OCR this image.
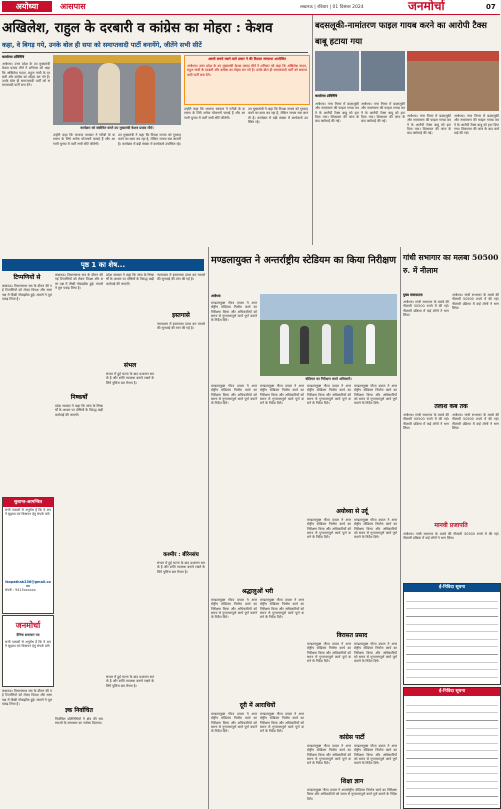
अयोध्या	आसपास	लखनऊ | रविवार | 01 दिसंबर 2024	जनमोर्चा	07
अखिलेश, राहुल के दरबारी व कांग्रेस का मोहरा : केशव
कहा, वे बिगड़ गये, उनके बोल ही सपा को समाप्तवादी पार्टी बनायेंगे, जीतेंगे सभी सीटें
कार्यालय प्रतिनिधि
अयोध्या। उत्तर प्रदेश के उप मुख्यमंत्री केशव प्रसाद मौर्य ने शनिवार को कहा कि अखिलेश यादव, राहुल गांधी के दरबारी और कांग्रेस का मोहरा बन गये हैं। उनके बोल ही समाजवादी पार्टी को समाप्तवादी पार्टी बना देंगे।
कार्यक्रम को संबोधित करते उप मुख्यमंत्री केशव प्रसाद मौर्य।
अवधी बनाये रखने वाले प्रकार ने की विशाल जनसभा आयोजित
अयोध्या। उत्तर प्रदेश के उप मुख्यमंत्री केशव प्रसाद मौर्य ने शनिवार को कहा कि अखिलेश यादव, राहुल गांधी के दरबारी और कांग्रेस का मोहरा बन गये हैं। उनके बोल ही समाजवादी पार्टी को समाप्तवादी पार्टी बना देंगे।
उन्होंने कहा कि भाजपा सरकार ने गरीबों के कल्याण के लिये अनेक योजनायें चलाई हैं और आगामी चुनाव में पार्टी सभी सीटें जीतेगी।
उप मुख्यमंत्री ने कहा कि विपक्ष जनता को गुमराह करने का काम कर रहा है, लेकिन जनता सब जानती है। कार्यक्रम में बड़ी संख्या में कार्यकर्ता उपस्थित रहे।
उन्होंने कहा कि भाजपा सरकार ने गरीबों के कल्याण के लिये अनेक योजनायें चलाई हैं और आगामी चुनाव में पार्टी सभी सीटें जीतेगी।
उप मुख्यमंत्री ने कहा कि विपक्ष जनता को गुमराह करने का काम कर रहा है, लेकिन जनता सब जानती है। कार्यक्रम में बड़ी संख्या में कार्यकर्ता उपस्थित रहे।
बदसलूकी-नामांतरण फाइल गायब करने का आरोपी टैक्स बाबू हटाया गया
कार्यालय प्रतिनिधि
अयोध्या। नगर निगम में बदसलूकी और नामांतरण की फाइल गायब करने के आरोपी टैक्स बाबू को हटा दिया गया। शिकायत की जांच के बाद कार्रवाई की गई।
अयोध्या। नगर निगम में बदसलूकी और नामांतरण की फाइल गायब करने के आरोपी टैक्स बाबू को हटा दिया गया। शिकायत की जांच के बाद कार्रवाई की गई।
अयोध्या। नगर निगम में बदसलूकी और नामांतरण की फाइल गायब करने के आरोपी टैक्स बाबू को हटा दिया गया। शिकायत की जांच के बाद कार्रवाई की गई।
अयोध्या। नगर निगम में बदसलूकी और नामांतरण की फाइल गायब करने के आरोपी टैक्स बाबू को हटा दिया गया। शिकायत की जांच के बाद कार्रवाई की गई।
पृष्ठ 1 का शेष...
टिप्पणियों से
लखनऊ। विधानसभा सत्र के दौरान की गई टिप्पणियों को लेकर विपक्ष और सत्ता पक्ष में तीखी नोकझोंक हुई। मामले ने तूल पकड़ लिया है।
सुशान्त-आमन्त्रित
सभी पाठकों से अनुरोध है कि वे अपने सुझाव एवं विज्ञापन हेतु संपर्क करें।
lkopathak236@gmail.com
संपर्क : 9415xxxxxx
जनमोर्चा
दैनिक समाचार पत्र
सभी पाठकों से अनुरोध है कि वे अपने सुझाव एवं विज्ञापन हेतु संपर्क करें।
लखनऊ। विधानसभा सत्र के दौरान की गई टिप्पणियों को लेकर विपक्ष और सत्ता पक्ष में तीखी नोकझोंक हुई। मामले ने तूल पकड़ लिया है।
लखनऊ। विधानसभा सत्र के दौरान की गई टिप्पणियों को लेकर विपक्ष और सत्ता पक्ष में तीखी नोकझोंक हुई। मामले ने तूल पकड़ लिया है।
निष्कर्षों
प्रदेश सरकार ने कहा कि जांच के निष्कर्षों के आधार पर दोषियों के विरुद्ध कड़ी कार्रवाई की जाएगी।
ज्ञ्क निर्वाचित
निर्वाचित प्रतिनिधियों ने क्षेत्र की समस्याओं के समाधान का भरोसा दिलाया।
प्रदेश सरकार ने कहा कि जांच के निष्कर्षों के आधार पर दोषियों के विरुद्ध कड़ी कार्रवाई की जाएगी।
संभल
संभल में हुई घटना के बाद प्रशासन सतर्क है और शांति व्यवस्था बनाये रखने के लिये पुलिस बल तैनात है।
संभल में हुई घटना के बाद प्रशासन सतर्क है और शांति व्यवस्था बनाये रखने के लिये पुलिस बल तैनात है।
न्यायालय में इस्तगासा दायर कर मामले की सुनवाई की मांग की गई है।
इस्तगासे
न्यायालय में इस्तगासा दायर कर मामले की सुनवाई की मांग की गई है।
कश्मीर : बीरेनसंघ
संभल में हुई घटना के बाद प्रशासन सतर्क है और शांति व्यवस्था बनाये रखने के लिये पुलिस बल तैनात है।
मण्डलायुक्त ने अन्तर्राष्ट्रीय स्टेडियम का किया निरीक्षण
अयोध्या
मण्डलायुक्त गौरव दयाल ने अन्तर्राष्ट्रीय स्टेडियम निर्माण कार्य का निरीक्षण किया और अधिकारियों को समय से गुणवत्तापूर्ण कार्य पूर्ण कराने के निर्देश दिये।
स्टेडियम का निरीक्षण करते अधिकारी।
मण्डलायुक्त गौरव दयाल ने अन्तर्राष्ट्रीय स्टेडियम निर्माण कार्य का निरीक्षण किया और अधिकारियों को समय से गुणवत्तापूर्ण कार्य पूर्ण कराने के निर्देश दिये।
मण्डलायुक्त गौरव दयाल ने अन्तर्राष्ट्रीय स्टेडियम निर्माण कार्य का निरीक्षण किया और अधिकारियों को समय से गुणवत्तापूर्ण कार्य पूर्ण कराने के निर्देश दिये।
मण्डलायुक्त गौरव दयाल ने अन्तर्राष्ट्रीय स्टेडियम निर्माण कार्य का निरीक्षण किया और अधिकारियों को समय से गुणवत्तापूर्ण कार्य पूर्ण कराने के निर्देश दिये।
मण्डलायुक्त गौरव दयाल ने अन्तर्राष्ट्रीय स्टेडियम निर्माण कार्य का निरीक्षण किया और अधिकारियों को समय से गुणवत्तापूर्ण कार्य पूर्ण कराने के निर्देश दिये।
अयोध्या से उर्दू
मण्डलायुक्त गौरव दयाल ने अन्तर्राष्ट्रीय स्टेडियम निर्माण कार्य का निरीक्षण किया और अधिकारियों को समय से गुणवत्तापूर्ण कार्य पूर्ण कराने के निर्देश दिये।
मण्डलायुक्त गौरव दयाल ने अन्तर्राष्ट्रीय स्टेडियम निर्माण कार्य का निरीक्षण किया और अधिकारियों को समय से गुणवत्तापूर्ण कार्य पूर्ण कराने के निर्देश दिये।
श्रद्धालुओं भरी
मण्डलायुक्त गौरव दयाल ने अन्तर्राष्ट्रीय स्टेडियम निर्माण कार्य का निरीक्षण किया और अधिकारियों को समय से गुणवत्तापूर्ण कार्य पूर्ण कराने के निर्देश दिये।
मण्डलायुक्त गौरव दयाल ने अन्तर्राष्ट्रीय स्टेडियम निर्माण कार्य का निरीक्षण किया और अधिकारियों को समय से गुणवत्तापूर्ण कार्य पूर्ण कराने के निर्देश दिये।
विरासत प्रसाद
मण्डलायुक्त गौरव दयाल ने अन्तर्राष्ट्रीय स्टेडियम निर्माण कार्य का निरीक्षण किया और अधिकारियों को समय से गुणवत्तापूर्ण कार्य पूर्ण कराने के निर्देश दिये।
मण्डलायुक्त गौरव दयाल ने अन्तर्राष्ट्रीय स्टेडियम निर्माण कार्य का निरीक्षण किया और अधिकारियों को समय से गुणवत्तापूर्ण कार्य पूर्ण कराने के निर्देश दिये।
दूरी में आराधियों
मण्डलायुक्त गौरव दयाल ने अन्तर्राष्ट्रीय स्टेडियम निर्माण कार्य का निरीक्षण किया और अधिकारियों को समय से गुणवत्तापूर्ण कार्य पूर्ण कराने के निर्देश दिये।
मण्डलायुक्त गौरव दयाल ने अन्तर्राष्ट्रीय स्टेडियम निर्माण कार्य का निरीक्षण किया और अधिकारियों को समय से गुणवत्तापूर्ण कार्य पूर्ण कराने के निर्देश दिये।
कांग्रेस पार्टी
मण्डलायुक्त गौरव दयाल ने अन्तर्राष्ट्रीय स्टेडियम निर्माण कार्य का निरीक्षण किया और अधिकारियों को समय से गुणवत्तापूर्ण कार्य पूर्ण कराने के निर्देश दिये।
शिक्षा ज्ञान
मण्डलायुक्त गौरव दयाल ने अन्तर्राष्ट्रीय स्टेडियम निर्माण कार्य का निरीक्षण किया और अधिकारियों को समय से गुणवत्तापूर्ण कार्य पूर्ण कराने के निर्देश दिये।
मण्डलायुक्त गौरव दयाल ने अन्तर्राष्ट्रीय स्टेडियम निर्माण कार्य का निरीक्षण किया और अधिकारियों को समय से गुणवत्तापूर्ण कार्य पूर्ण कराने के निर्देश दिये।
गांधी सभागार का मलबा 50500 रु. में नीलाम
मुख्य संवाददाता
अयोध्या। गांधी सभागार के मलबे की नीलामी 50500 रुपये में की गई। नीलामी प्रक्रिया में कई लोगों ने भाग लिया।
अयोध्या। गांधी सभागार के मलबे की नीलामी 50500 रुपये में की गई। नीलामी प्रक्रिया में कई लोगों ने भाग लिया।
तलाश कब तक
अयोध्या। गांधी सभागार के मलबे की नीलामी 50500 रुपये में की गई। नीलामी प्रक्रिया में कई लोगों ने भाग लिया।
अयोध्या। गांधी सभागार के मलबे की नीलामी 50500 रुपये में की गई। नीलामी प्रक्रिया में कई लोगों ने भाग लिया।
मानवी प्रजापति
अयोध्या। गांधी सभागार के मलबे की नीलामी 50500 रुपये में की गई। नीलामी प्रक्रिया में कई लोगों ने भाग लिया।
ई-निविदा सूचना
ई-निविदा सूचना
